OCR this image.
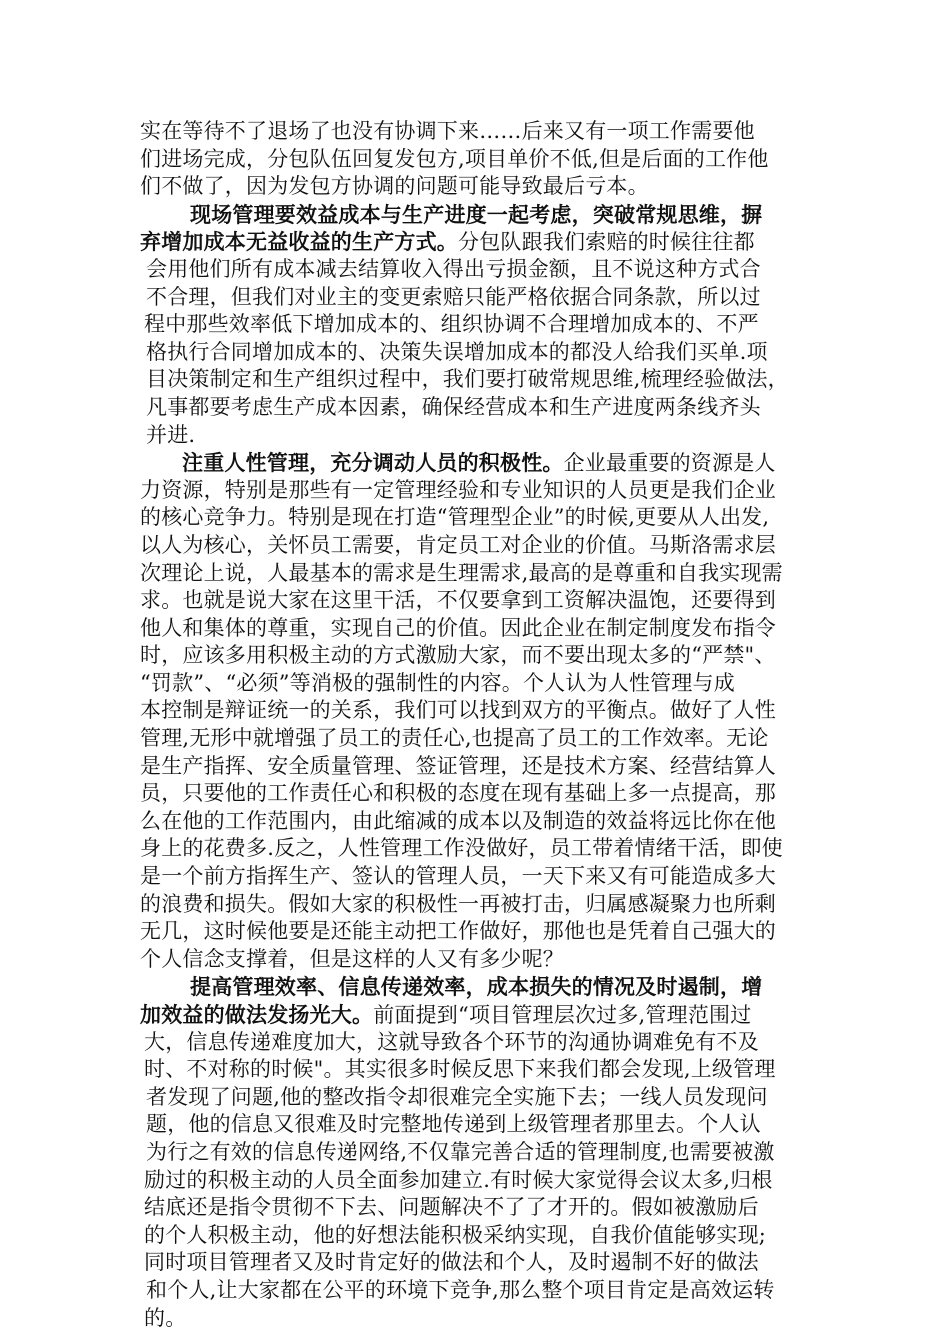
实在等待不了退场了也没有协调下来……后来又有一项工作需要他
们进场完成，分包队伍回复发包方,项目单价不低,但是后面的工作他
们不做了，因为发包方协调的问题可能导致最后亏本。
现场管理要效益成本与生产进度一起考虑，突破常规思维，摒
弃增加成本无益收益的生产方式。分包队跟我们索赔的时候往往都
会用他们所有成本减去结算收入得出亏损金额，且不说这种方式合
不合理，但我们对业主的变更索赔只能严格依据合同条款，所以过
程中那些效率低下增加成本的、组织协调不合理增加成本的、不严
格执行合同增加成本的、决策失误增加成本的都没人给我们买单.项
目决策制定和生产组织过程中，我们要打破常规思维,梳理经验做法，
凡事都要考虑生产成本因素，确保经营成本和生产进度两条线齐头
并进.
注重人性管理，充分调动人员的积极性。企业最重要的资源是人
力资源，特别是那些有一定管理经验和专业知识的人员更是我们企业
的核心竞争力。特别是现在打造“管理型企业”的时候,更要从人出发,
以人为核心，关怀员工需要，肯定员工对企业的价值。马斯洛需求层
次理论上说，人最基本的需求是生理需求,最高的是尊重和自我实现需
求。也就是说大家在这里干活，不仅要拿到工资解决温饱，还要得到
他人和集体的尊重，实现自己的价值。因此企业在制定制度发布指令
时，应该多用积极主动的方式激励大家，而不要出现太多的“严禁"、
“罚款”、“必须”等消极的强制性的内容。个人认为人性管理与成
本控制是辩证统一的关系，我们可以找到双方的平衡点。做好了人性
管理,无形中就增强了员工的责任心,也提高了员工的工作效率。无论
是生产指挥、安全质量管理、签证管理，还是技术方案、经营结算人
员，只要他的工作责任心和积极的态度在现有基础上多一点提高，那
么在他的工作范围内，由此缩减的成本以及制造的效益将远比你在他
身上的花费多.反之，人性管理工作没做好，员工带着情绪干活，即使
是一个前方指挥生产、签认的管理人员，一天下来又有可能造成多大
的浪费和损失。假如大家的积极性一再被打击，归属感凝聚力也所剩
无几，这时候他要是还能主动把工作做好，那他也是凭着自己强大的
个人信念支撑着，但是这样的人又有多少呢？
提高管理效率、信息传递效率，成本损失的情况及时遏制，增
加效益的做法发扬光大。前面提到“项目管理层次过多,管理范围过
大，信息传递难度加大，这就导致各个环节的沟通协调难免有不及
时、不对称的时候"。其实很多时候反思下来我们都会发现,上级管理
者发现了问题,他的整改指令却很难完全实施下去；一线人员发现问
题，他的信息又很难及时完整地传递到上级管理者那里去。个人认
为行之有效的信息传递网络,不仅靠完善合适的管理制度,也需要被激
励过的积极主动的人员全面参加建立.有时候大家觉得会议太多,归根
结底还是指令贯彻不下去、问题解决不了了才开的。假如被激励后
的个人积极主动，他的好想法能积极采纳实现，自我价值能够实现;
同时项目管理者又及时肯定好的做法和个人，及时遏制不好的做法
和个人,让大家都在公平的环境下竞争,那么整个项目肯定是高效运转
的。
